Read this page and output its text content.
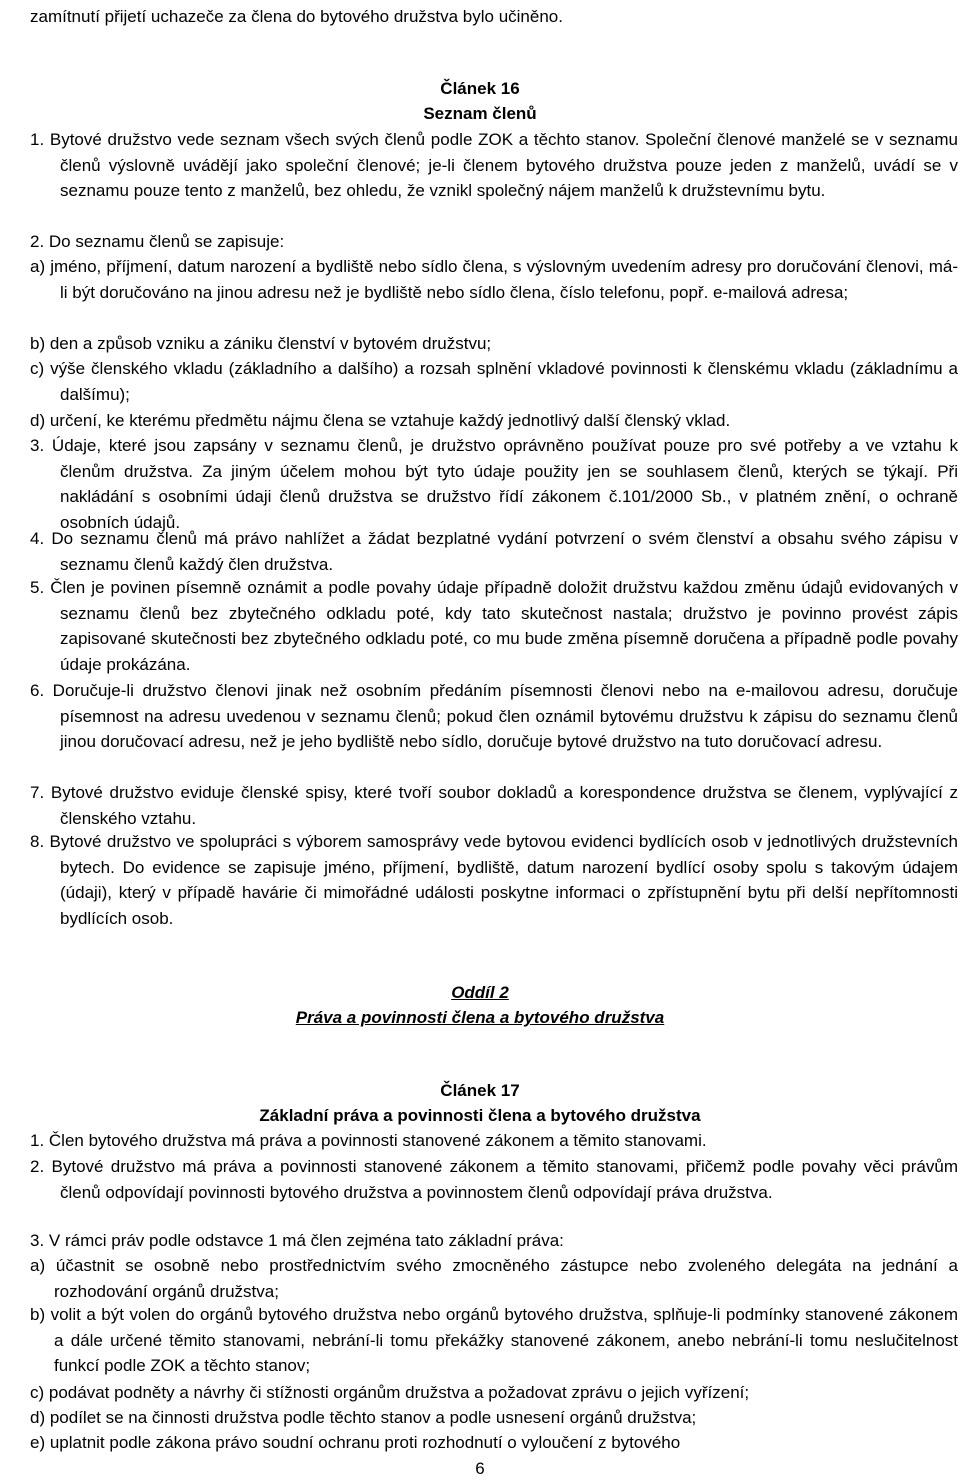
zamítnutí přijetí uchazeče za člena do bytového družstva bylo učiněno.

Článek 16

Seznam členů

1. Bytové družstvo vede seznam všech svých členů podle ZOK a těchto stanov. Společní členové manželé se v seznamu členů výslovně uvádějí jako společní členové; je-li členem bytového družstva pouze jeden z manželů, uvádí se v seznamu pouze tento z manželů, bez ohledu, že vznikl společný nájem manželů k družstevnímu bytu.

2. Do seznamu členů se zapisuje:

a) jméno, příjmení, datum narození a bydliště nebo sídlo člena, s výslovným uvedením adresy pro doručování členovi, má-li být doručováno na jinou adresu než je bydliště nebo sídlo člena, číslo telefonu, popř. e-mailová adresa;

b) den a způsob vzniku a zániku členství v bytovém družstvu;

c) výše členského vkladu (základního a dalšího) a rozsah splnění vkladové povinnosti k členskému vkladu (základnímu a dalšímu);

d) určení, ke kterému předmětu nájmu člena se vztahuje každý jednotlivý další členský vklad.

3. Údaje, které jsou zapsány v seznamu členů, je družstvo oprávněno používat pouze pro své potřeby a ve vztahu k členům družstva. Za jiným účelem mohou být tyto údaje použity jen se souhlasem členů, kterých se týkají. Při nakládání s osobními údaji členů družstva se družstvo řídí zákonem č.101/2000 Sb., v platném znění, o ochraně osobních údajů.

4. Do seznamu členů má právo nahlížet a žádat bezplatné vydání potvrzení o svém členství a obsahu svého zápisu v seznamu členů každý člen družstva.

5. Člen je povinen písemně oznámit a podle povahy údaje případně doložit družstvu každou změnu údajů evidovaných v seznamu členů bez zbytečného odkladu poté, kdy tato skutečnost nastala; družstvo je povinno provést zápis zapisované skutečnosti bez zbytečného odkladu poté, co mu bude změna písemně doručena a případně podle povahy údaje prokázána.

6. Doručuje-li družstvo členovi jinak než osobním předáním písemnosti členovi nebo na e-mailovou adresu, doručuje písemnost na adresu uvedenou v seznamu členů; pokud člen oznámil bytovému družstvu k zápisu do seznamu členů jinou doručovací adresu, než je jeho bydliště nebo sídlo, doručuje bytové družstvo na tuto doručovací adresu.

7. Bytové družstvo eviduje členské spisy, které tvoří soubor dokladů a korespondence družstva se členem, vyplývající z členského vztahu.

8. Bytové družstvo ve spolupráci s výborem samosprávy vede bytovou evidenci bydlících osob v jednotlivých družstevních bytech. Do evidence se zapisuje jméno, příjmení, bydliště, datum narození bydlící osoby spolu s takovým údajem (údaji), který v případě havárie či mimořádné události poskytne informaci o zpřístupnění bytu při delší nepřítomnosti bydlících osob.

Oddíl 2

Práva a povinnosti člena a bytového družstva

Článek 17

Základní práva a povinnosti člena a bytového družstva

1. Člen bytového družstva má práva a povinnosti stanovené zákonem a těmito stanovami.

2. Bytové družstvo má práva a povinnosti stanovené zákonem a těmito stanovami, přičemž podle povahy věci právům členů odpovídají povinnosti bytového družstva a povinnostem členů odpovídají práva družstva.

3. V rámci práv podle odstavce 1 má člen zejména tato základní práva:

a) účastnit se osobně nebo prostřednictvím svého zmocněného zástupce nebo zvoleného delegáta na jednání a rozhodování orgánů družstva;

b) volit a být volen do orgánů bytového družstva nebo orgánů bytového družstva, splňuje-li podmínky stanovené zákonem a dále určené těmito stanovami, nebrání-li tomu překážky stanovené zákonem, anebo nebrání-li tomu neslučitelnost funkcí podle ZOK a těchto stanov;

c) podávat podněty a návrhy či stížnosti orgánům družstva a požadovat zprávu o jejich vyřízení;

d) podílet se na činnosti družstva podle těchto stanov a podle usnesení orgánů družstva;

e) uplatnit podle zákona právo soudní ochranu proti rozhodnutí o vyloučení z bytového

6
